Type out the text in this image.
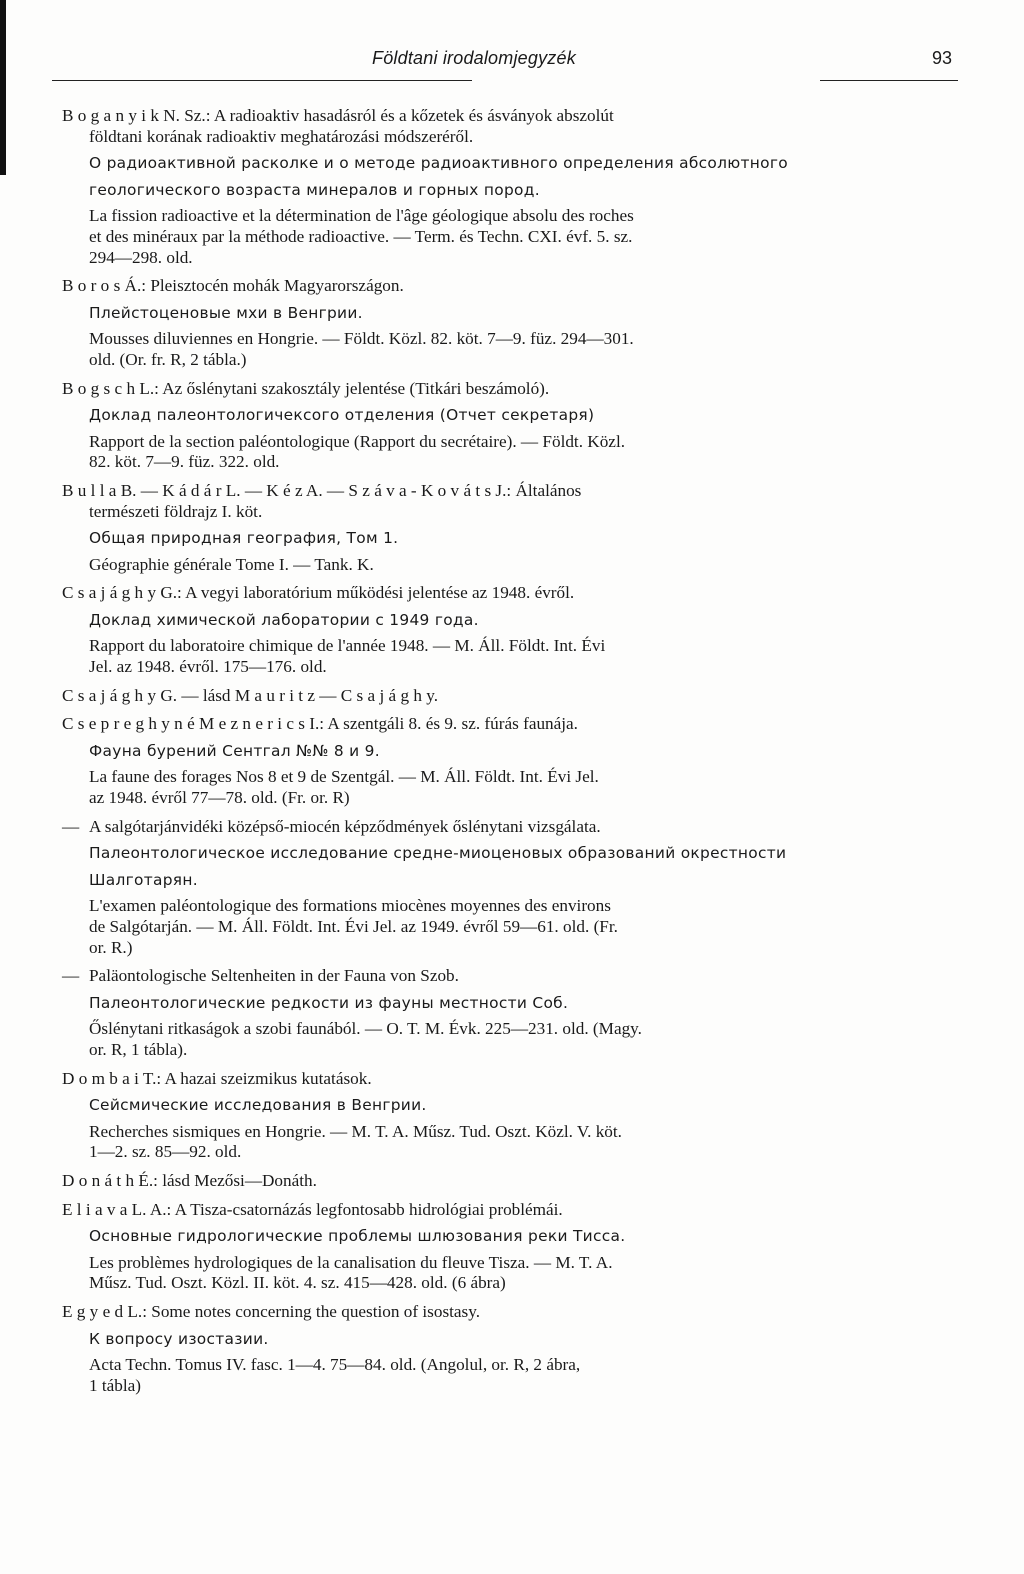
Földtani irodalomjegyzék	93
B o g a n y i k N. Sz.: A radioaktiv hasadásról és a kőzetek és ásványok abszolút
földtani korának radioaktiv meghatározási módszeréről.
О радиоактивной расколке и о методе радиоактивного определения абсолютного
геологического возраста минералов и горных пород.
La fission radioactive et la détermination de l'âge géologique absolu des roches
et des minéraux par la méthode radioactive. — Term. és Techn. CXI. évf. 5. sz.
294—298. old.
B o r o s Á.: Pleisztocén mohák Magyarországon.
Плейстоценовые мхи в Венгрии.
Mousses diluviennes en Hongrie. — Földt. Közl. 82. köt. 7—9. füz. 294—301.
old. (Or. fr. R, 2 tábla.)
B o g s c h L.: Az őslénytani szakosztály jelentése (Titkári beszámoló).
Доклад палеонтологичексого отделения (Отчет секретаря)
Rapport de la section paléontologique (Rapport du secrétaire). — Földt. Közl.
82. köt. 7—9. füz. 322. old.
B u l l a B. — K á d á r L. — K é z A. — S z á v a - K o v á t s J.: Általános
természeti földrajz I. köt.
Общая природная география, Том 1.
Géographie générale Tome I. — Tank. K.
C s a j á g h y G.: A vegyi laboratórium működési jelentése az 1948. évről.
Доклад химической лаборатории с 1949 года.
Rapport du laboratoire chimique de l'année 1948. — M. Áll. Földt. Int. Évi
Jel. az 1948. évről. 175—176. old.
C s a j á g h y G. — lásd M a u r i t z — C s a j á g h y.
C s e p r e g h y n é M e z n e r i c s I.: A szentgáli 8. és 9. sz. fúrás faunája.
Фауна бурений Сентгал №№ 8 и 9.
La faune des forages Nos 8 et 9 de Szentgál. — M. Áll. Földt. Int. Évi Jel.
az 1948. évről 77—78. old. (Fr. or. R)
— A salgótarjánvidéki középső-miocén képződmények őslénytani vizsgálata.
Палеонтологическое исследование средне-миоценовых образований окрестности
Шалготарян.
L'examen paléontologique des formations miocènes moyennes des environs
de Salgótarján. — M. Áll. Földt. Int. Évi Jel. az 1949. évről 59—61. old. (Fr.
or. R.)
— Paläontologische Seltenheiten in der Fauna von Szob.
Палеонтологические редкости из фауны местности Соб.
Őslénytani ritkaságok a szobi faunából. — O. T. M. Évk. 225—231. old. (Magy.
or. R, 1 tábla).
D o m b a i T.: A hazai szeizmikus kutatások.
Сейсмические исследования в Венгрии.
Recherches sismiques en Hongrie. — M. T. A. Műsz. Tud. Oszt. Közl. V. köt.
1—2. sz. 85—92. old.
D o n á t h É.: lásd Mezősi—Donáth.
E l i a v a L. A.: A Tisza-csatornázás legfontosabb hidrológiai problémái.
Основные гидрологические проблемы шлюзования реки Тисса.
Les problèmes hydrologiques de la canalisation du fleuve Tisza. — M. T. A.
Műsz. Tud. Oszt. Közl. II. köt. 4. sz. 415—428. old. (6 ábra)
E g y e d L.: Some notes concerning the question of isostasy.
К вопросу изостазии.
Acta Techn. Tomus IV. fasc. 1—4. 75—84. old. (Angolul, or. R, 2 ábra,
1 tábla)
